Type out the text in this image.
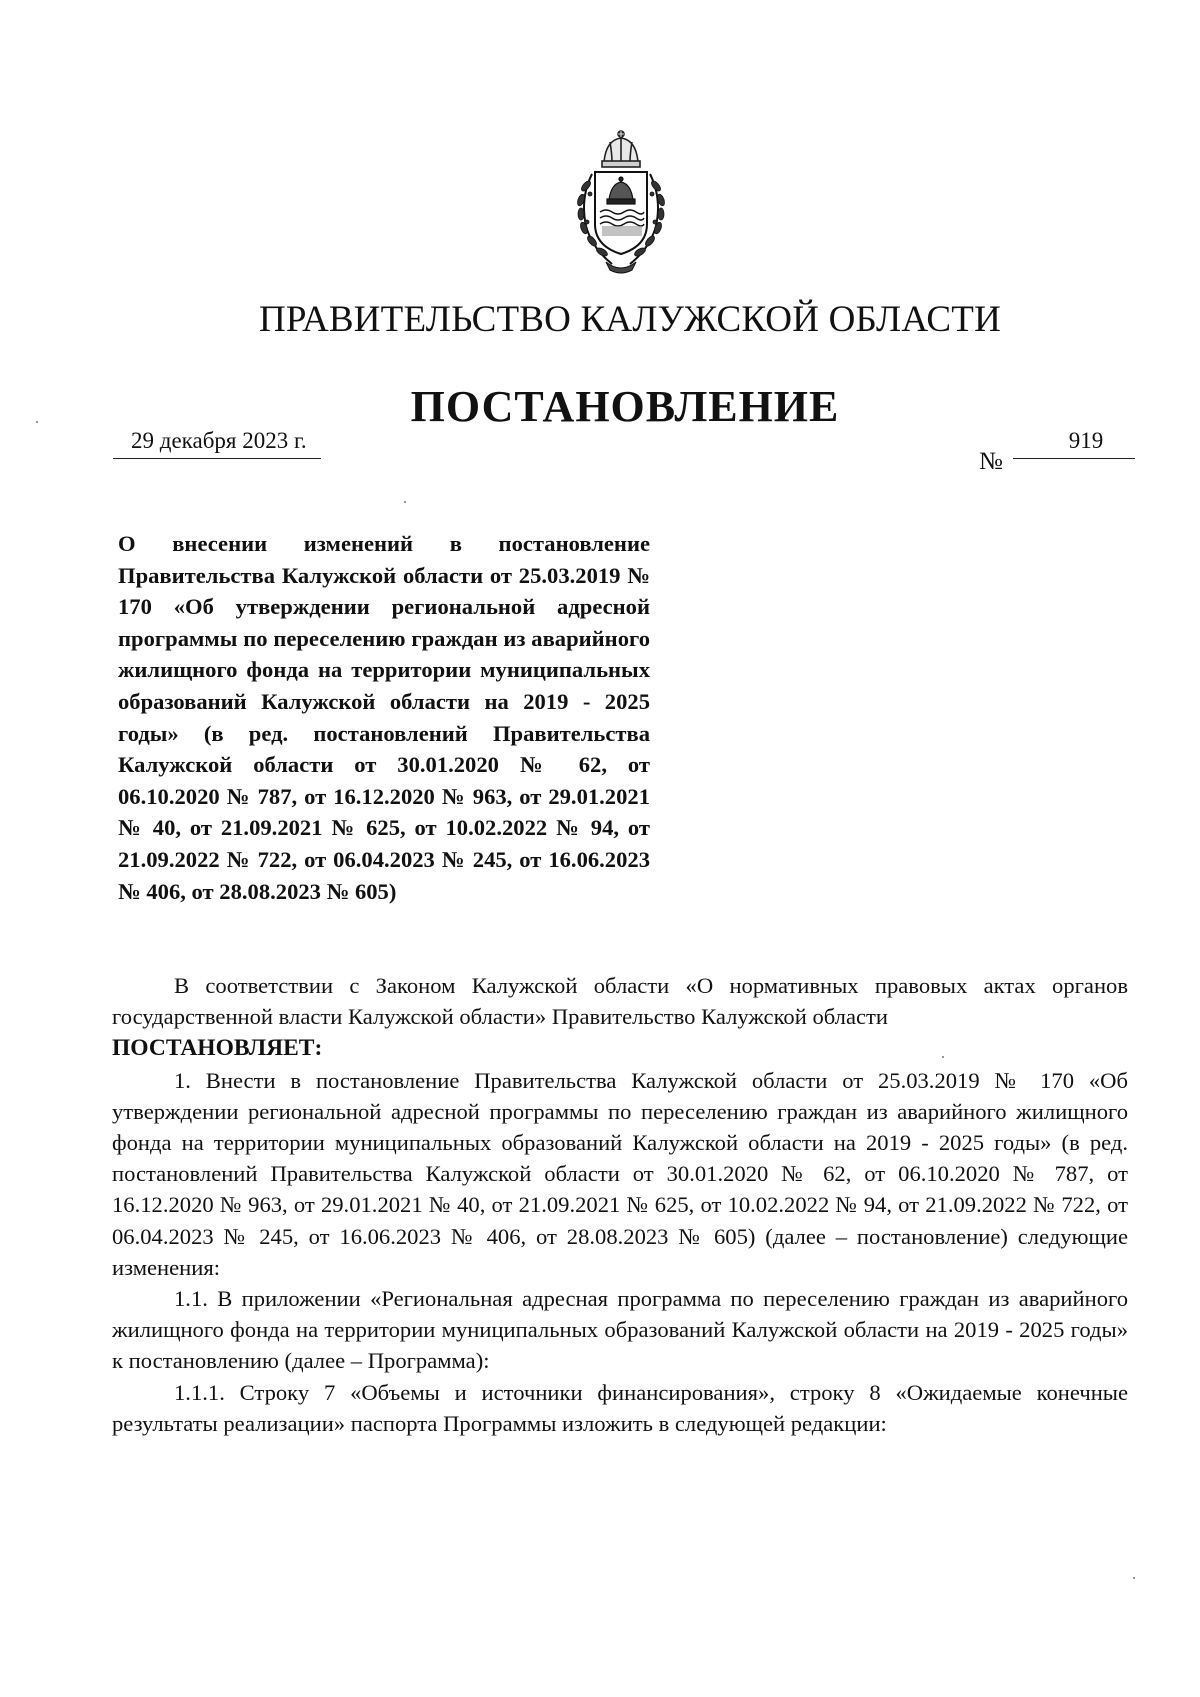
ПРАВИТЕЛЬСТВО КАЛУЖСКОЙ ОБЛАСТИ
ПОСТАНОВЛЕНИЕ
29 декабря 2023 г.
№
919

О внесении изменений в постановление Правительства Калужской области от 25.03.2019 № 170 «Об утверждении региональной адресной программы по переселению граждан из аварийного жилищного фонда на территории муниципальных образований Калужской области на 2019 - 2025 годы» (в ред. постановлений Правительства Калужской области от 30.01.2020 № 62, от 06.10.2020 № 787, от 16.12.2020 № 963, от 29.01.2021 № 40, от 21.09.2021 № 625, от 10.02.2022 № 94, от 21.09.2022 № 722, от 06.04.2023 № 245, от 16.06.2023 № 406, от 28.08.2023 № 605)

В соответствии с Законом Калужской области «О нормативных правовых актах органов государственной власти Калужской области» Правительство Калужской области

ПОСТАНОВЛЯЕТ:

1. Внести в постановление Правительства Калужской области от 25.03.2019 № 170 «Об утверждении региональной адресной программы по переселению граждан из аварийного жилищного фонда на территории муниципальных образований Калужской области на 2019 - 2025 годы» (в ред. постановлений Правительства Калужской области от 30.01.2020 № 62, от 06.10.2020 № 787, от 16.12.2020 № 963, от 29.01.2021 № 40, от 21.09.2021 № 625, от 10.02.2022 № 94, от 21.09.2022 № 722, от 06.04.2023 № 245, от 16.06.2023 № 406, от 28.08.2023 № 605) (далее – постановление) следующие изменения:

1.1. В приложении «Региональная адресная программа по переселению граждан из аварийного жилищного фонда на территории муниципальных образований Калужской области на 2019 - 2025 годы» к постановлению (далее – Программа):

1.1.1. Строку 7 «Объемы и источники финансирования», строку 8 «Ожидаемые конечные результаты реализации» паспорта Программы изложить в следующей редакции:
